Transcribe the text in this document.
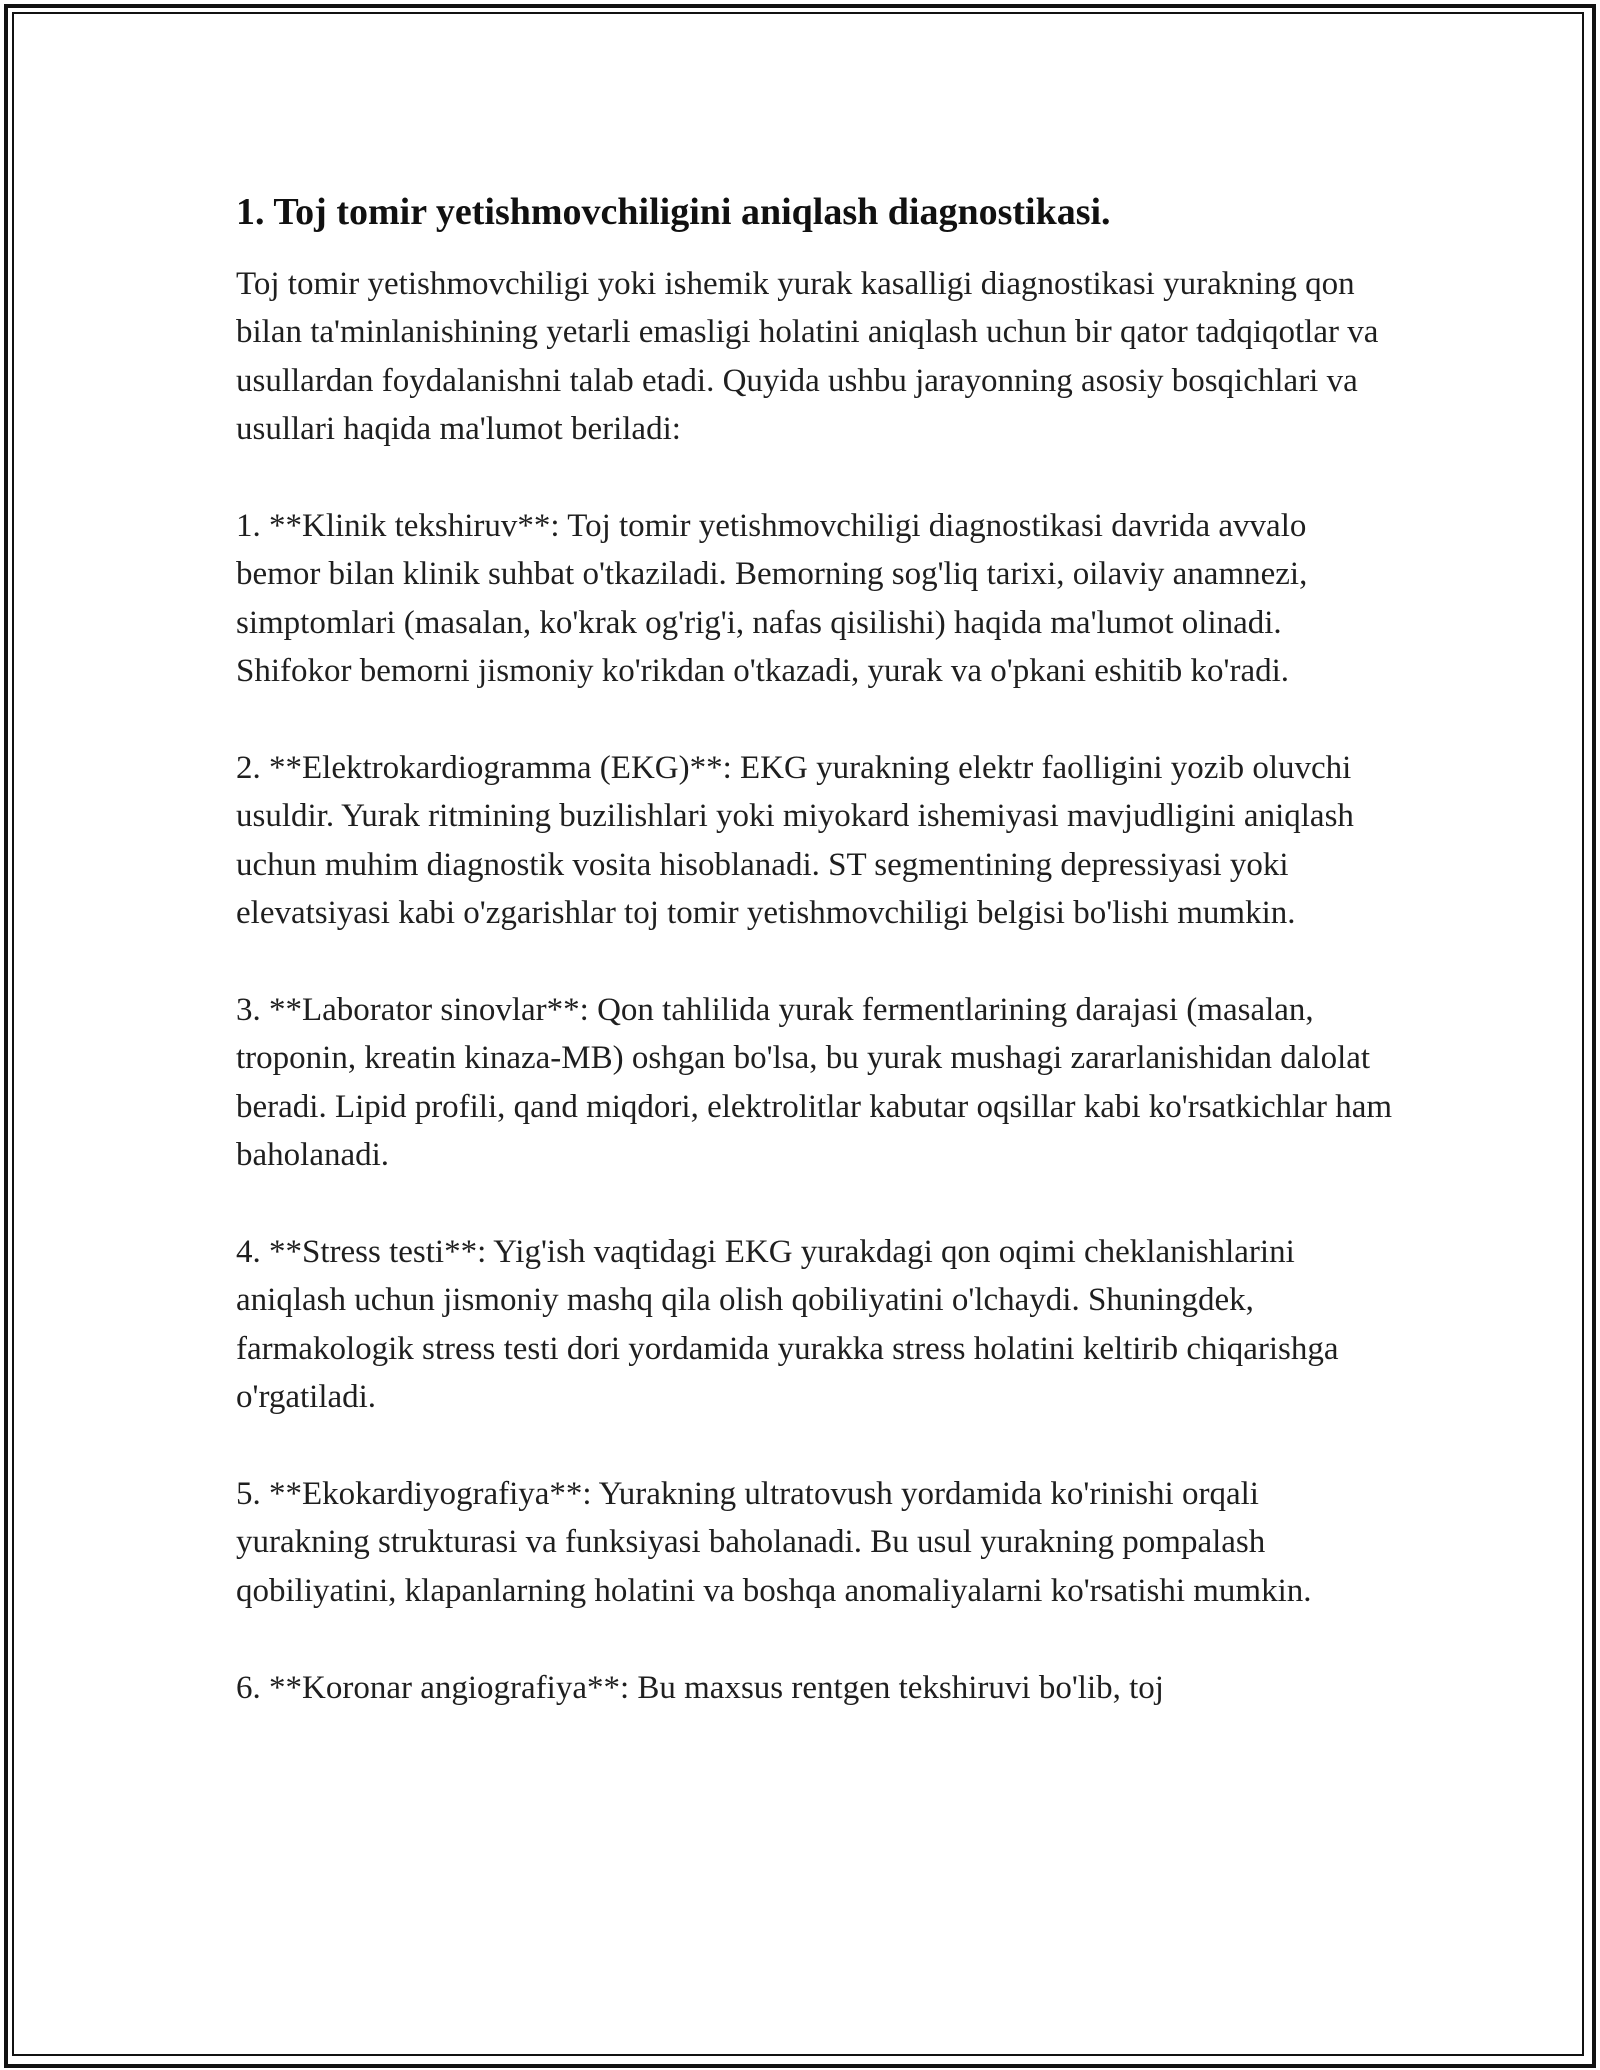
1. Toj tomir yetishmovchiligini aniqlash diagnostikasi.

Toj tomir yetishmovchiligi yoki ishemik yurak kasalligi diagnostikasi yurakning qon bilan ta'minlanishining yetarli emasligi holatini aniqlash uchun bir qator tadqiqotlar va usullardan foydalanishni talab etadi. Quyida ushbu jarayonning asosiy bosqichlari va usullari haqida ma'lumot beriladi:

1. **Klinik tekshiruv**: Toj tomir yetishmovchiligi diagnostikasi davrida avvalo bemor bilan klinik suhbat o'tkaziladi. Bemorning sog'liq tarixi, oilaviy anamnezi, simptomlari (masalan, ko'krak og'rig'i, nafas qisilishi) haqida ma'lumot olinadi. Shifokor bemorni jismoniy ko'rikdan o'tkazadi, yurak va o'pkani eshitib ko'radi.

2. **Elektrokardiogramma (EKG)**: EKG yurakning elektr faolligini yozib oluvchi usuldir. Yurak ritmining buzilishlari yoki miyokard ishemiyasi mavjudligini aniqlash uchun muhim diagnostik vosita hisoblanadi. ST segmentining depressiyasi yoki elevatsiyasi kabi o'zgarishlar toj tomir yetishmovchiligi belgisi bo'lishi mumkin.

3. **Laborator sinovlar**: Qon tahlilida yurak fermentlarining darajasi (masalan, troponin, kreatin kinaza-MB) oshgan bo'lsa, bu yurak mushagi zararlanishidan dalolat beradi. Lipid profili, qand miqdori, elektrolitlar kabutar oqsillar kabi ko'rsatkichlar ham baholanadi.

4. **Stress testi**: Yig'ish vaqtidagi EKG yurakdagi qon oqimi cheklanishlarini aniqlash uchun jismoniy mashq qila olish qobiliyatini o'lchaydi. Shuningdek, farmakologik stress testi dori yordamida yurakka stress holatini keltirib chiqarishga o'rgatiladi.

5. **Ekokardiyografiya**: Yurakning ultratovush yordamida ko'rinishi orqali yurakning strukturasi va funksiyasi baholanadi. Bu usul yurakning pompalash qobiliyatini, klapanlarning holatini va boshqa anomaliyalarni ko'rsatishi mumkin.

6. **Koronar angiografiya**: Bu maxsus rentgen tekshiruvi bo'lib, toj
